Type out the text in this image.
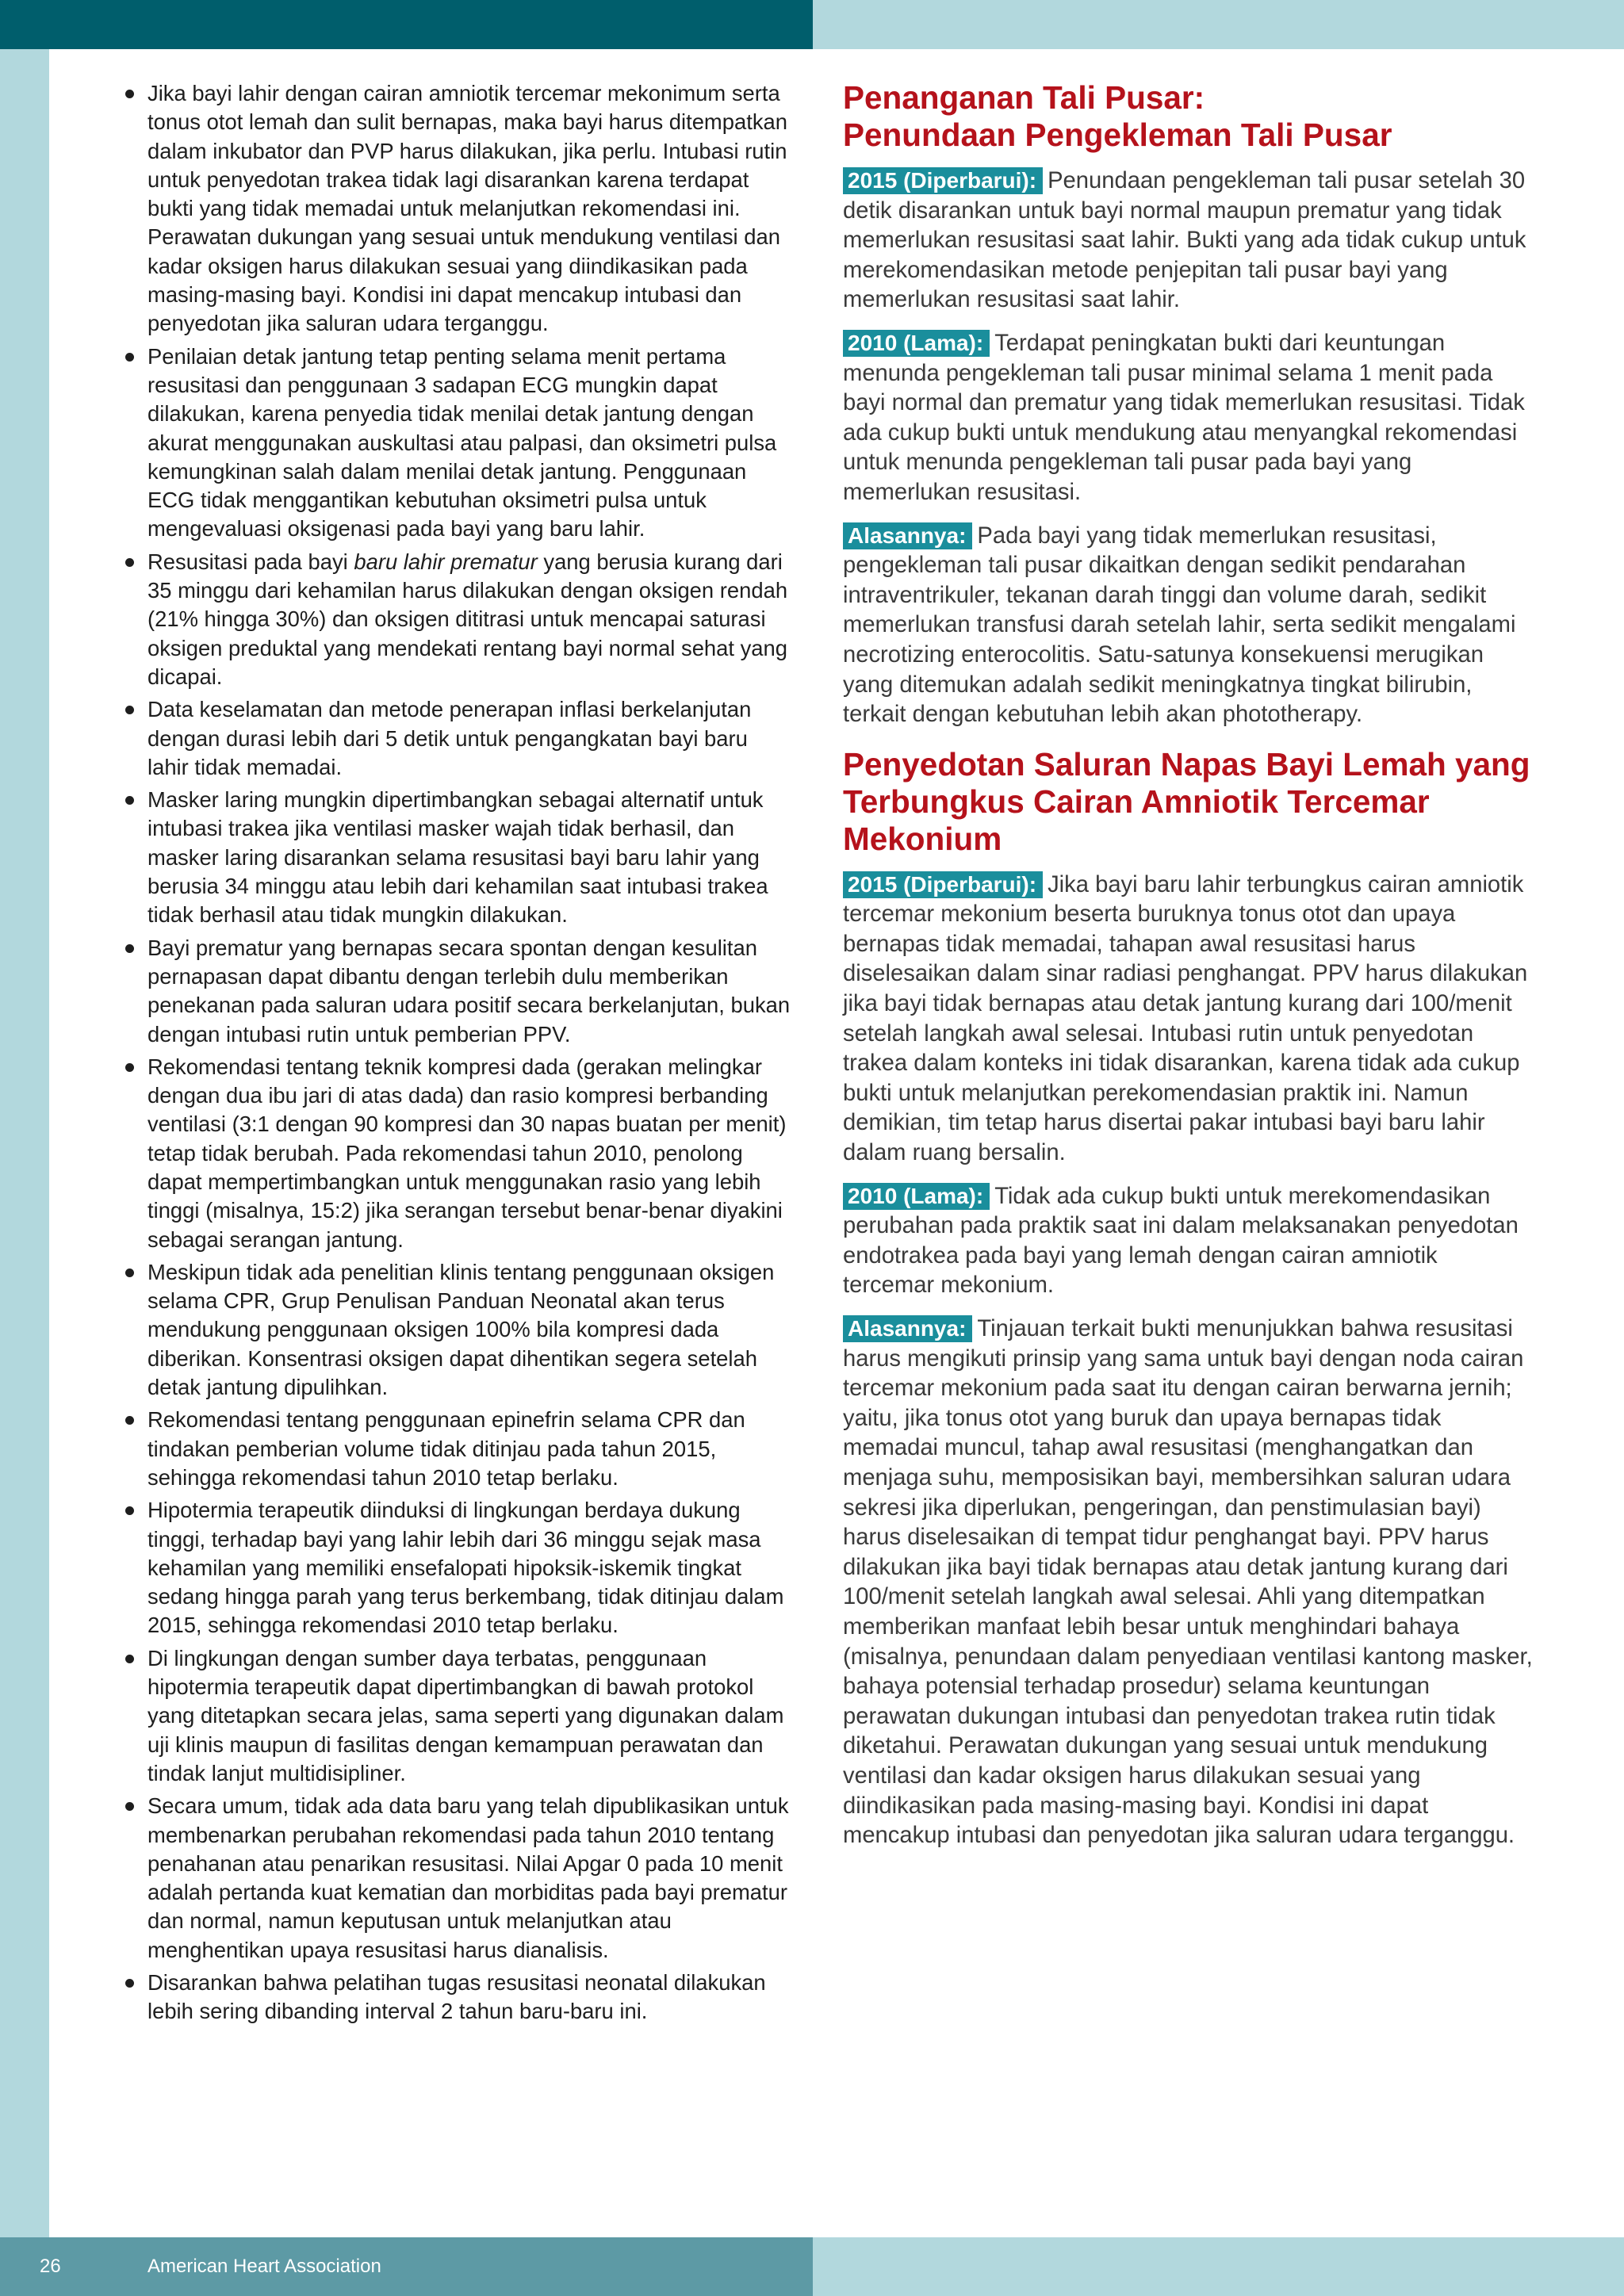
Jika bayi lahir dengan cairan amniotik tercemar mekonimum serta tonus otot lemah dan sulit bernapas, maka bayi harus ditempatkan dalam inkubator dan PVP harus dilakukan, jika perlu. Intubasi rutin untuk penyedotan trakea tidak lagi disarankan karena terdapat bukti yang tidak memadai untuk melanjutkan rekomendasi ini. Perawatan dukungan yang sesuai untuk mendukung ventilasi dan kadar oksigen harus dilakukan sesuai yang diindikasikan pada masing-masing bayi. Kondisi ini dapat mencakup intubasi dan penyedotan jika saluran udara terganggu.
Penilaian detak jantung tetap penting selama menit pertama resusitasi dan penggunaan 3 sadapan ECG mungkin dapat dilakukan, karena penyedia tidak menilai detak jantung dengan akurat menggunakan auskultasi atau palpasi, dan oksimetri pulsa kemungkinan salah dalam menilai detak jantung. Penggunaan ECG tidak menggantikan kebutuhan oksimetri pulsa untuk mengevaluasi oksigenasi pada bayi yang baru lahir.
Resusitasi pada bayi baru lahir prematur yang berusia kurang dari 35 minggu dari kehamilan harus dilakukan dengan oksigen rendah (21% hingga 30%) dan oksigen dititrasi untuk mencapai saturasi oksigen preduktal yang mendekati rentang bayi normal sehat yang dicapai.
Data keselamatan dan metode penerapan inflasi berkelanjutan dengan durasi lebih dari 5 detik untuk pengangkatan bayi baru lahir tidak memadai.
Masker laring mungkin dipertimbangkan sebagai alternatif untuk intubasi trakea jika ventilasi masker wajah tidak berhasil, dan masker laring disarankan selama resusitasi bayi baru lahir yang berusia 34 minggu atau lebih dari kehamilan saat intubasi trakea tidak berhasil atau tidak mungkin dilakukan.
Bayi prematur yang bernapas secara spontan dengan kesulitan pernapasan dapat dibantu dengan terlebih dulu memberikan penekanan pada saluran udara positif secara berkelanjutan, bukan dengan intubasi rutin untuk pemberian PPV.
Rekomendasi tentang teknik kompresi dada (gerakan melingkar dengan dua ibu jari di atas dada) dan rasio kompresi berbanding ventilasi (3:1 dengan 90 kompresi dan 30 napas buatan per menit) tetap tidak berubah. Pada rekomendasi tahun 2010, penolong dapat mempertimbangkan untuk menggunakan rasio yang lebih tinggi (misalnya, 15:2) jika serangan tersebut benar-benar diyakini sebagai serangan jantung.
Meskipun tidak ada penelitian klinis tentang penggunaan oksigen selama CPR, Grup Penulisan Panduan Neonatal akan terus mendukung penggunaan oksigen 100% bila kompresi dada diberikan. Konsentrasi oksigen dapat dihentikan segera setelah detak jantung dipulihkan.
Rekomendasi tentang penggunaan epinefrin selama CPR dan tindakan pemberian volume tidak ditinjau pada tahun 2015, sehingga rekomendasi tahun 2010 tetap berlaku.
Hipotermia terapeutik diinduksi di lingkungan berdaya dukung tinggi, terhadap bayi yang lahir lebih dari 36 minggu sejak masa kehamilan yang memiliki ensefalopati hipoksik-iskemik tingkat sedang hingga parah yang terus berkembang, tidak ditinjau dalam 2015, sehingga rekomendasi 2010 tetap berlaku.
Di lingkungan dengan sumber daya terbatas, penggunaan hipotermia terapeutik dapat dipertimbangkan di bawah protokol yang ditetapkan secara jelas, sama seperti yang digunakan dalam uji klinis maupun di fasilitas dengan kemampuan perawatan dan tindak lanjut multidisipliner.
Secara umum, tidak ada data baru yang telah dipublikasikan untuk membenarkan perubahan rekomendasi pada tahun 2010 tentang penahanan atau penarikan resusitasi. Nilai Apgar 0 pada 10 menit adalah pertanda kuat kematian dan morbiditas pada bayi prematur dan normal, namun keputusan untuk melanjutkan atau menghentikan upaya resusitasi harus dianalisis.
Disarankan bahwa pelatihan tugas resusitasi neonatal dilakukan lebih sering dibanding interval 2 tahun baru-baru ini.
Penanganan Tali Pusar:
Penundaan Pengekleman Tali Pusar

2015 (Diperbarui): Penundaan pengekleman tali pusar setelah 30 detik disarankan untuk bayi normal maupun prematur yang tidak memerlukan resusitasi saat lahir. Bukti yang ada tidak cukup untuk merekomendasikan metode penjepitan tali pusar bayi yang memerlukan resusitasi saat lahir.

2010 (Lama): Terdapat peningkatan bukti dari keuntungan menunda pengekleman tali pusar minimal selama 1 menit pada bayi normal dan prematur yang tidak memerlukan resusitasi. Tidak ada cukup bukti untuk mendukung atau menyangkal rekomendasi untuk menunda pengekleman tali pusar pada bayi yang memerlukan resusitasi.

Alasannya: Pada bayi yang tidak memerlukan resusitasi, pengekleman tali pusar dikaitkan dengan sedikit pendarahan intraventrikuler, tekanan darah tinggi dan volume darah, sedikit memerlukan transfusi darah setelah lahir, serta sedikit mengalami necrotizing enterocolitis. Satu-satunya konsekuensi merugikan yang ditemukan adalah sedikit meningkatnya tingkat bilirubin, terkait dengan kebutuhan lebih akan phototherapy.

Penyedotan Saluran Napas Bayi Lemah yang Terbungkus Cairan Amniotik Tercemar Mekonium

2015 (Diperbarui): Jika bayi baru lahir terbungkus cairan amniotik tercemar mekonium beserta buruknya tonus otot dan upaya bernapas tidak memadai, tahapan awal resusitasi harus diselesaikan dalam sinar radiasi penghangat. PPV harus dilakukan jika bayi tidak bernapas atau detak jantung kurang dari 100/menit setelah langkah awal selesai. Intubasi rutin untuk penyedotan trakea dalam konteks ini tidak disarankan, karena tidak ada cukup bukti untuk melanjutkan perekomendasian praktik ini. Namun demikian, tim tetap harus disertai pakar intubasi bayi baru lahir dalam ruang bersalin.

2010 (Lama): Tidak ada cukup bukti untuk merekomendasikan perubahan pada praktik saat ini dalam melaksanakan penyedotan endotrakea pada bayi yang lemah dengan cairan amniotik tercemar mekonium.

Alasannya: Tinjauan terkait bukti menunjukkan bahwa resusitasi harus mengikuti prinsip yang sama untuk bayi dengan noda cairan tercemar mekonium pada saat itu dengan cairan berwarna jernih; yaitu, jika tonus otot yang buruk dan upaya bernapas tidak memadai muncul, tahap awal resusitasi (menghangatkan dan menjaga suhu, memposisikan bayi, membersihkan saluran udara sekresi jika diperlukan, pengeringan, dan penstimulasian bayi) harus diselesaikan di tempat tidur penghangat bayi. PPV harus dilakukan jika bayi tidak bernapas atau detak jantung kurang dari 100/menit setelah langkah awal selesai. Ahli yang ditempatkan memberikan manfaat lebih besar untuk menghindari bahaya (misalnya, penundaan dalam penyediaan ventilasi kantong masker, bahaya potensial terhadap prosedur) selama keuntungan perawatan dukungan intubasi dan penyedotan trakea rutin tidak diketahui. Perawatan dukungan yang sesuai untuk mendukung ventilasi dan kadar oksigen harus dilakukan sesuai yang diindikasikan pada masing-masing bayi. Kondisi ini dapat mencakup intubasi dan penyedotan jika saluran udara terganggu.

26	American Heart Association
